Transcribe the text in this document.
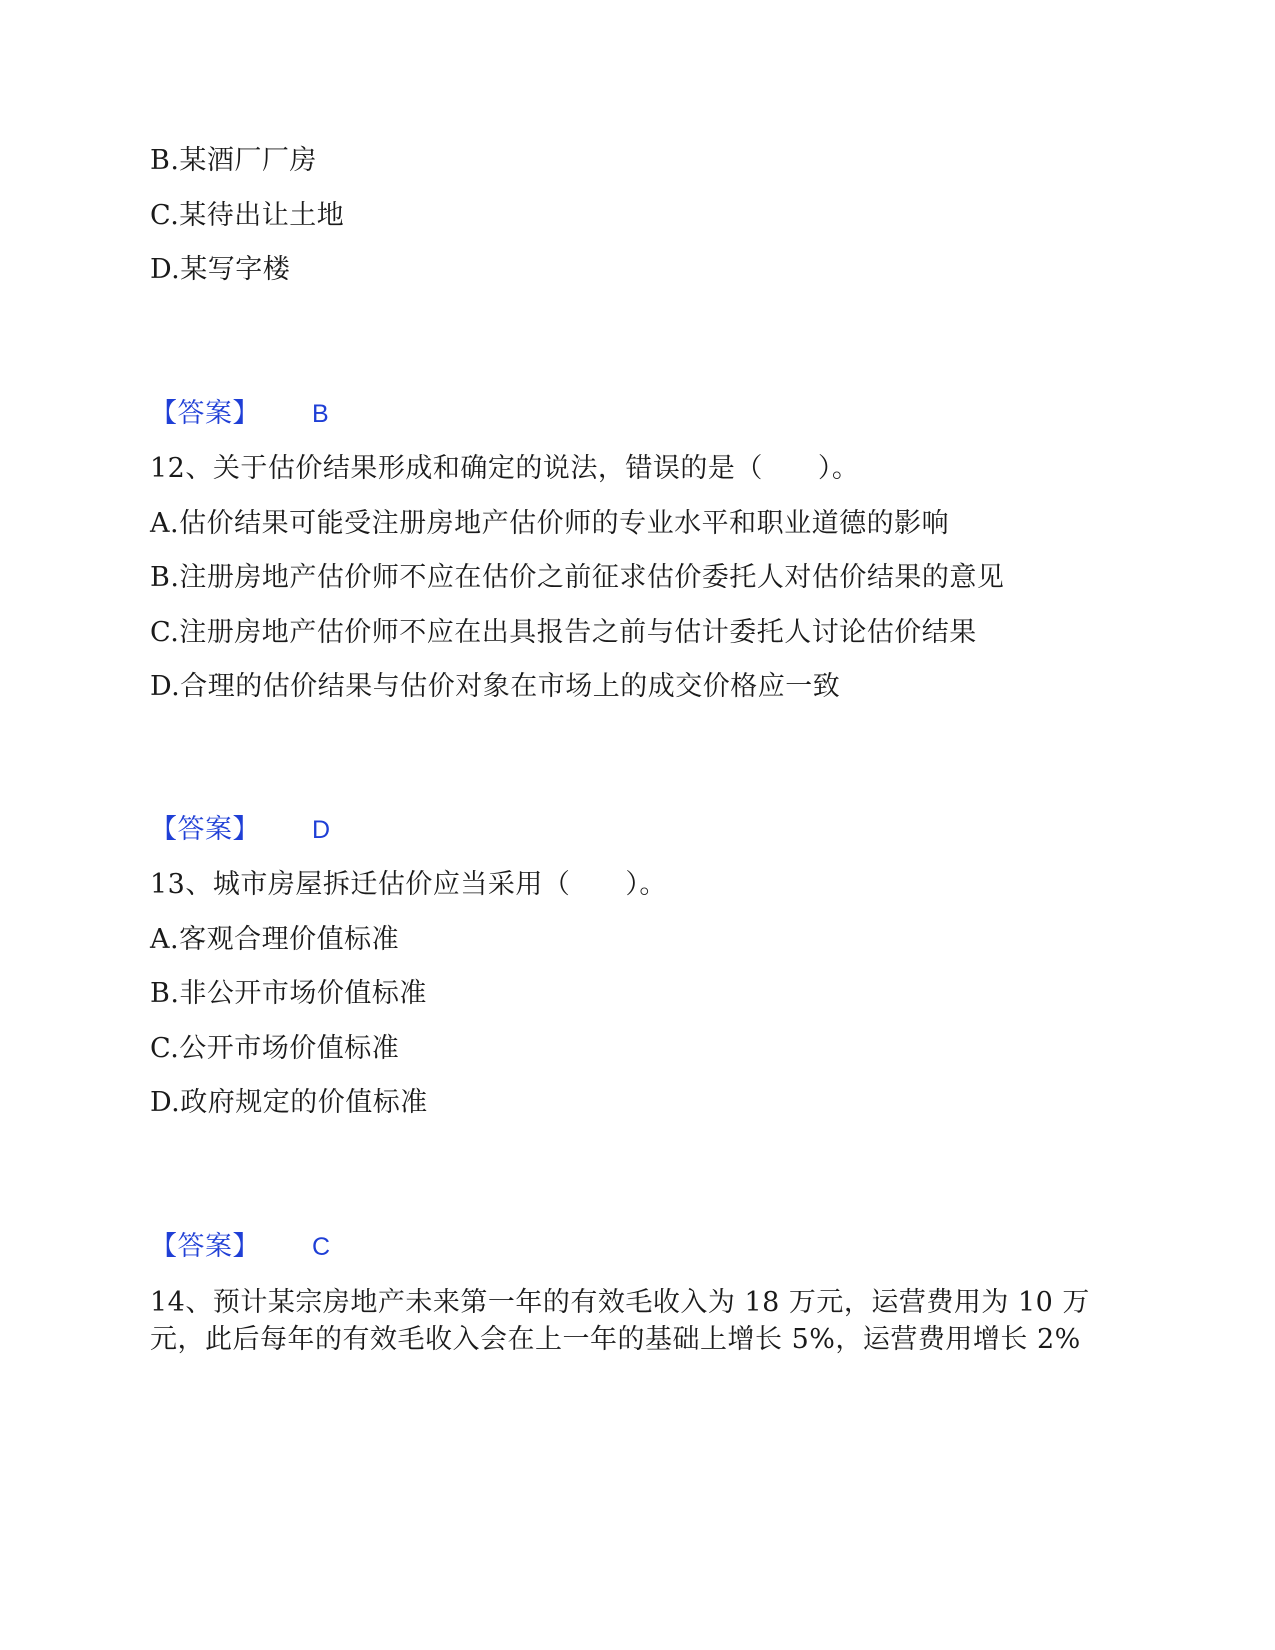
B.某酒厂厂房
C.某待出让土地
D.某写字楼
【答案】 B
12、关于估价结果形成和确定的说法，错误的是（　　）。
A.估价结果可能受注册房地产估价师的专业水平和职业道德的影响
B.注册房地产估价师不应在估价之前征求估价委托人对估价结果的意见
C.注册房地产估价师不应在出具报告之前与估计委托人讨论估价结果
D.合理的估价结果与估价对象在市场上的成交价格应一致
【答案】 D
13、城市房屋拆迁估价应当采用（　　）。
A.客观合理价值标准
B.非公开市场价值标准
C.公开市场价值标准
D.政府规定的价值标准
【答案】 C
14、预计某宗房地产未来第一年的有效毛收入为 18 万元，运营费用为 10 万
元，此后每年的有效毛收入会在上一年的基础上增长 5%，运营费用增长 2%
